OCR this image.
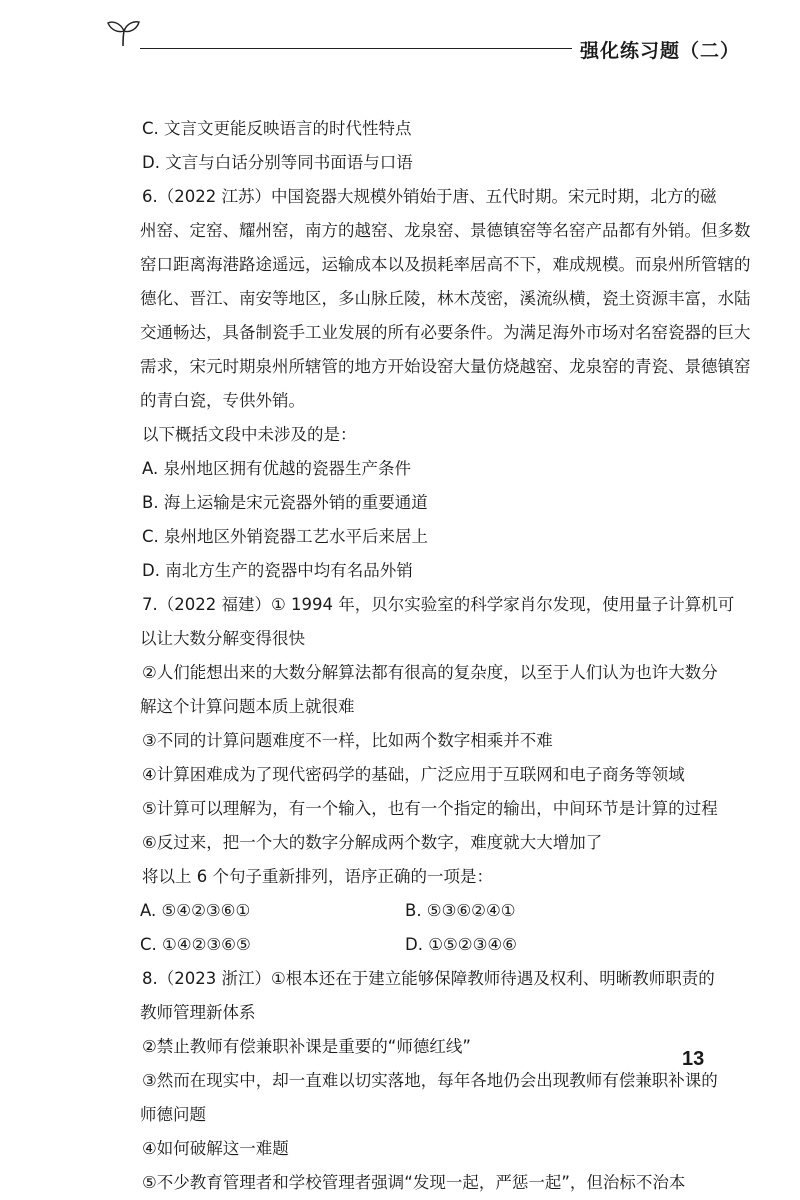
强化练习题（二）
C. 文言文更能反映语言的时代性特点
D. 文言与白话分别等同书面语与口语
6.（2022 江苏）中国瓷器大规模外销始于唐、五代时期。宋元时期，北方的磁
州窑、定窑、耀州窑，南方的越窑、龙泉窑、景德镇窑等名窑产品都有外销。但多数
窑口距离海港路途遥远，运输成本以及损耗率居高不下，难成规模。而泉州所管辖的
德化、晋江、南安等地区，多山脉丘陵，林木茂密，溪流纵横，瓷土资源丰富，水陆
交通畅达，具备制瓷手工业发展的所有必要条件。为满足海外市场对名窑瓷器的巨大
需求，宋元时期泉州所辖管的地方开始设窑大量仿烧越窑、龙泉窑的青瓷、景德镇窑
的青白瓷，专供外销。
以下概括文段中未涉及的是：
A. 泉州地区拥有优越的瓷器生产条件
B. 海上运输是宋元瓷器外销的重要通道
C. 泉州地区外销瓷器工艺水平后来居上
D. 南北方生产的瓷器中均有名品外销
7.（2022 福建）① 1994 年，贝尔实验室的科学家肖尔发现，使用量子计算机可
以让大数分解变得很快
②人们能想出来的大数分解算法都有很高的复杂度，以至于人们认为也许大数分
解这个计算问题本质上就很难
③不同的计算问题难度不一样，比如两个数字相乘并不难
④计算困难成为了现代密码学的基础，广泛应用于互联网和电子商务等领域
⑤计算可以理解为，有一个输入，也有一个指定的输出，中间环节是计算的过程
⑥反过来，把一个大的数字分解成两个数字，难度就大大增加了
将以上 6 个句子重新排列，语序正确的一项是：
A. ⑤④②③⑥①	B. ⑤③⑥②④①
C. ①④②③⑥⑤	D. ①⑤②③④⑥
8.（2023 浙江）①根本还在于建立能够保障教师待遇及权利、明晰教师职责的
教师管理新体系
②禁止教师有偿兼职补课是重要的“师德红线”
③然而在现实中，却一直难以切实落地，每年各地仍会出现教师有偿兼职补课的
师德问题
④如何破解这一难题
⑤不少教育管理者和学校管理者强调“发现一起，严惩一起”，但治标不治本
13
